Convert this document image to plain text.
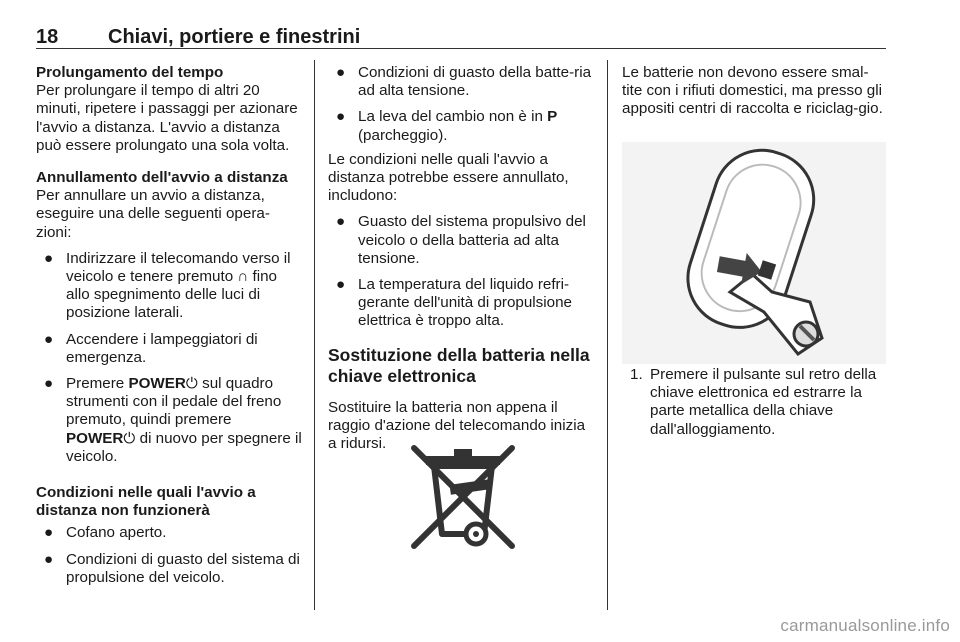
18 Chiavi, portiere e finestrini

Prolungamento del tempo

Per prolungare il tempo di altri 20 minuti, ripetere i passaggi per azionare l'avvio a distanza. L'avvio a distanza può essere prolungato una sola volta.

Annullamento dell'avvio a distanza

Per annullare un avvio a distanza, eseguire una delle seguenti opera-zioni:

● Indirizzare il telecomando verso il veicolo e tenere premuto ∩ fino allo spegnimento delle luci di posizione laterali.
● Accendere i lampeggiatori di emergenza.
● Premere POWER⏻ sul quadro strumenti con il pedale del freno premuto, quindi premere POWER⏻ di nuovo per spegnere il veicolo.

Condizioni nelle quali l'avvio a distanza non funzionerà

● Cofano aperto.
● Condizioni di guasto del sistema di propulsione del veicolo.
● Condizioni di guasto della batte-ria ad alta tensione.
● La leva del cambio non è in P (parcheggio).

Le condizioni nelle quali l'avvio a distanza potrebbe essere annullato, includono:

● Guasto del sistema propulsivo del veicolo o della batteria ad alta tensione.
● La temperatura del liquido refri-gerante dell'unità di propulsione elettrica è troppo alta.

Sostituzione della batteria nella chiave elettronica

Sostituire la batteria non appena il raggio d'azione del telecomando inizia a ridursi.

Le batterie non devono essere smal-tite con i rifiuti domestici, ma presso gli appositi centri di raccolta e riciclag-gio.

1. Premere il pulsante sul retro della chiave elettronica ed estrarre la parte metallica della chiave dall'alloggiamento.
carmanualsonline.info
